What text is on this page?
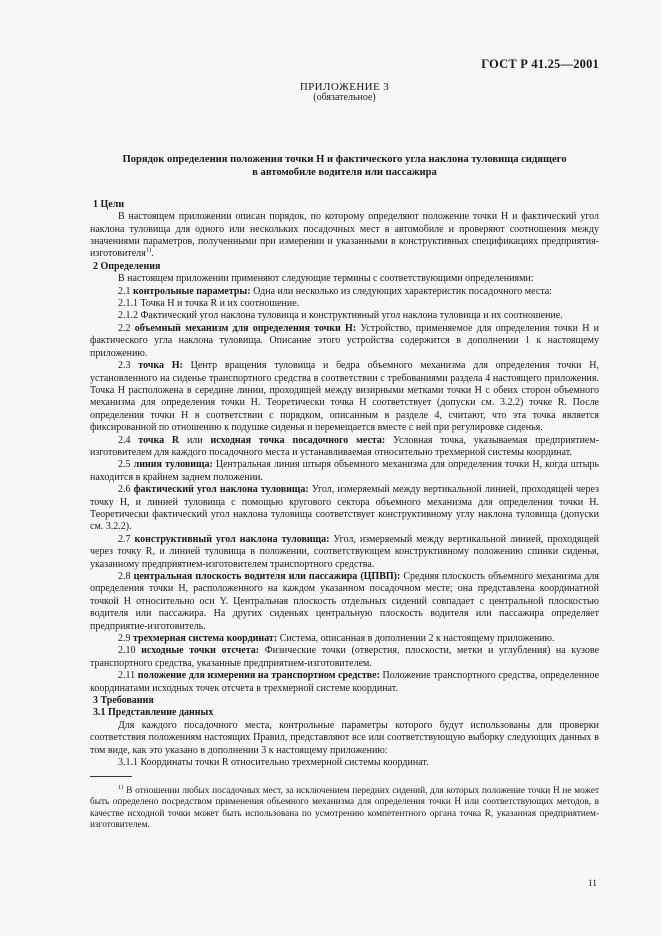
ГОСТ Р 41.25—2001
ПРИЛОЖЕНИЕ 3
(обязательное)
Порядок определения положения точки H и фактического угла наклона туловища сидящего
в автомобиле водителя или пассажира
1 Цели

В настоящем приложении описан порядок, по которому определяют положение точки H и фактический угол наклона туловища для одного или нескольких посадочных мест в автомобиле и проверяют соотношения между значениями параметров, полученными при измерении и указанными в конструктивных спецификациях предприятия-изготовителя$^{1)}$.

2 Определения

В настоящем приложении применяют следующие термины с соответствующими определениями:

2.1 контрольные параметры: Одна или несколько из следующих характеристик посадочного места:

2.1.1 Точка H и точка R и их соотношение.

2.1.2 Фактический угол наклона туловища и конструктивный угол наклона туловища и их соотношение.

2.2 объемный механизм для определения точки H: Устройство, применяемое для определения точки H и фактического угла наклона туловища. Описание этого устройства содержится в дополнении 1 к настоящему приложению.

2.3 точка H: Центр вращения туловища и бедра объемного механизма для определения точки H, установленного на сиденье транспортного средства в соответствии с требованиями раздела 4 настоящего приложения. Точка H расположена в середине линии, проходящей между визирными метками точки H с обеих сторон объемного механизма для определения точки H. Теоретически точка H соответствует (допуски см. 3.2.2) точке R. После определения точки H в соответствии с порядком, описанным в разделе 4, считают, что эта точка является фиксированной по отношению к подушке сиденья и перемещается вместе с ней при регулировке сиденья.

2.4 точка R или исходная точка посадочного места: Условная точка, указываемая предприятием-изготовителем для каждого посадочного места и устанавливаемая относительно трехмерной системы координат.

2.5 линия туловища: Центральная линия штыря объемного механизма для определения точки H, когда штырь находится в крайнем заднем положении.

2.6 фактический угол наклона туловища: Угол, измеряемый между вертикальной линией, проходящей через точку H, и линией туловища с помощью кругового сектора объемного механизма для определения точки H. Теоретически фактический угол наклона туловища соответствует конструктивному углу наклона туловища (допуски см. 3.2.2).

2.7 конструктивный угол наклона туловища: Угол, измеряемый между вертикальной линией, проходящей через точку R, и линией туловища в положении, соответствующем конструктивному положению спинки сиденья, указанному предприятием-изготовителем транспортного средства.

2.8 центральная плоскость водителя или пассажира (ЦПВП): Средняя плоскость объемного механизма для определения точки H, расположенного на каждом указанном посадочном месте; она представлена координатной точкой H относительно оси Y. Центральная плоскость отдельных сидений совпадает с центральной плоскостью водителя или пассажира. На других сиденьях центральную плоскость водителя или пассажира определяет предприятие-изготовитель.

2.9 трехмерная система координат: Система, описанная в дополнении 2 к настоящему приложению.

2.10 исходные точки отсчета: Физические точки (отверстия, плоскости, метки и углубления) на кузове транспортного средства, указанные предприятием-изготовителем.

2.11 положение для измерения на транспортном средстве: Положение транспортного средства, определенное координатами исходных точек отсчета в трехмерной системе координат.

3 Требования
3.1 Представление данных

Для каждого посадочного места, контрольные параметры которого будут использованы для проверки соответствия положениям настоящих Правил, представляют все или соответствующую выборку следующих данных в том виде, как это указано в дополнении 3 к настоящему приложению:

3.1.1 Координаты точки R относительно трехмерной системы координат.

$^{1)}$ В отношении любых посадочных мест, за исключением передних сидений, для которых положение точки H не может быть определено посредством применения объемного механизма для определения точки H или соответствующих методов, в качестве исходной точки может быть использована по усмотрению компетентного органа точка R, указанная предприятием-изготовителем.

11
